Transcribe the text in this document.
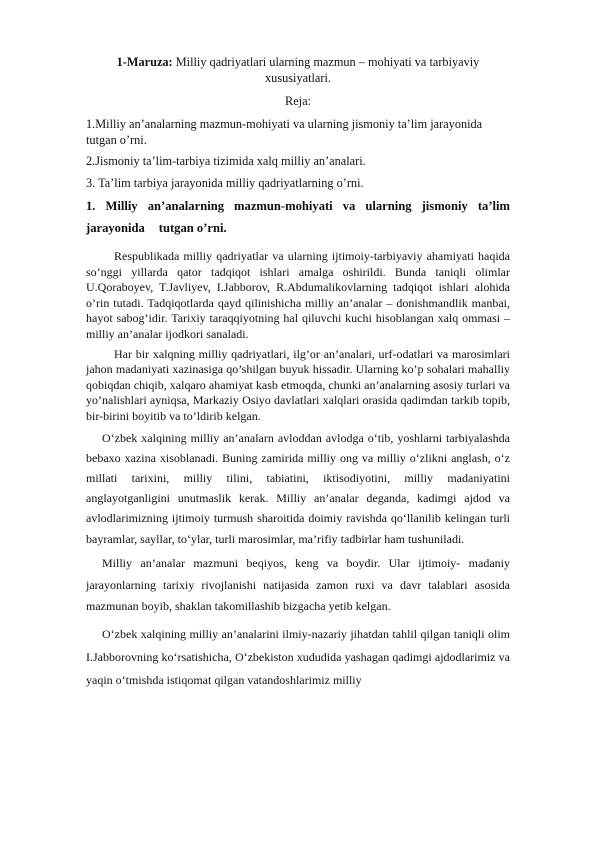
1-Maruza: Milliy qadriyatlari ularning mazmun – mohiyati va tarbiyaviy xususiyatlari.

Reja:

1.Milliy an’analarning mazmun-mohiyati va ularning jismoniy ta’lim jarayonida tutgan o’rni.

2.Jismoniy ta’lim-tarbiya tizimida xalq milliy an’analari.

3. Ta’lim tarbiya jarayonida milliy qadriyatlarning o’rni.

1. Milliy an’analarning mazmun-mohiyati va ularning jismoniy ta’lim jarayonida tutgan o’rni.

Respublikada milliy qadriyatlar va ularning ijtimoiy-tarbiyaviy ahamiyati haqida so’nggi yillarda qator tadqiqot ishlari amalga oshirildi. Bunda taniqli olimlar U.Qoraboyev, T.Javliyev, I.Jabborov, R.Abdumalikovlarning tadqiqot ishlari alohida o’rin tutadi. Tadqiqotlarda qayd qilinishicha milliy an’analar – donishmandlik manbai, hayot sabog’idir. Tarixiy taraqqiyotning hal qiluvchi kuchi hisoblangan xalq ommasi – milliy an’analar ijodkori sanaladi.

Har bir xalqning milliy qadriyatlari, ilg’or an’analari, urf-odatlari va marosimlari jahon madaniyati xazinasiga qo’shilgan buyuk hissadir. Ularning ko’p sohalari mahalliy qobiqdan chiqib, xalqaro ahamiyat kasb etmoqda, chunki an’analarning asosiy turlari va yo’nalishlari ayniqsa, Markaziy Osiyo davlatlari xalqlari orasida qadimdan tarkib topib, bir-birini boyitib va to’ldirib kelgan.

O‘zbek xalqining milliy an’analarn avloddan avlodga o‘tib, yoshlarni tarbiyalashda bebaxo xazina xisoblanadi. Buning zamirida milliy ong va milliy o‘zlikni anglash, o‘z millati tarixini, milliy tilini, tabiatini, iktisodiyotini, milliy madaniyatini anglayotganligini unutmaslik kerak. Milliy an’analar deganda, kadimgi ajdod va avlodlarimizning ijtimoiy turmush sharoitida doimiy ravishda qo‘llanilib kelingan turli bayramlar, sayllar, to‘ylar, turli marosimlar, ma’rifiy tadbirlar ham tushuniladi.

Milliy an’analar mazmuni beqiyos, keng va boydir. Ular ijtimoiy- madaniy jarayonlarning tarixiy rivojlanishi natijasida zamon ruxi va davr talablari asosida mazmunan boyib, shaklan takomillashib bizgacha yetib kelgan.

O‘zbek xalqining milliy an’analarini ilmiy-nazariy jihatdan tahlil qilgan taniqli olim I.Jabborovning ko‘rsatishicha, O‘zbekiston xududida yashagan qadimgi ajdodlarimiz va yaqin o‘tmishda istiqomat qilgan vatandoshlarimiz milliy
